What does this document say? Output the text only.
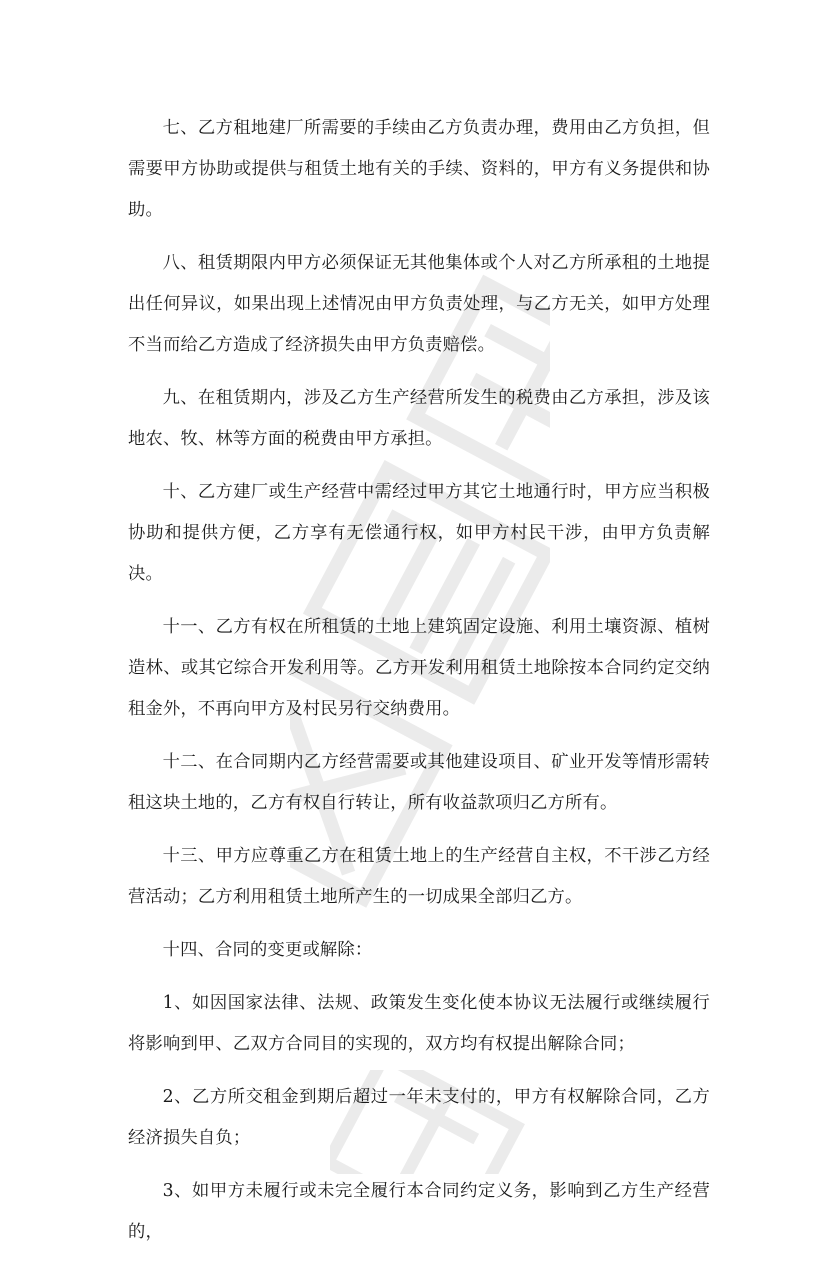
七、乙方租地建厂所需要的手续由乙方负责办理，费用由乙方负担，但需要甲方协助或提供与租赁土地有关的手续、资料的，甲方有义务提供和协助。

八、租赁期限内甲方必须保证无其他集体或个人对乙方所承租的土地提出任何异议，如果出现上述情况由甲方负责处理，与乙方无关，如甲方处理不当而给乙方造成了经济损失由甲方负责赔偿。

九、在租赁期内，涉及乙方生产经营所发生的税费由乙方承担，涉及该地农、牧、林等方面的税费由甲方承担。

十、乙方建厂或生产经营中需经过甲方其它土地通行时，甲方应当积极协助和提供方便，乙方享有无偿通行权，如甲方村民干涉，由甲方负责解决。

十一、乙方有权在所租赁的土地上建筑固定设施、利用土壤资源、植树造林、或其它综合开发利用等。乙方开发利用租赁土地除按本合同约定交纳租金外，不再向甲方及村民另行交纳费用。

十二、在合同期内乙方经营需要或其他建设项目、矿业开发等情形需转租这块土地的，乙方有权自行转让，所有收益款项归乙方所有。

十三、甲方应尊重乙方在租赁土地上的生产经营自主权，不干涉乙方经营活动；乙方利用租赁土地所产生的一切成果全部归乙方。

十四、合同的变更或解除：

1、如因国家法律、法规、政策发生变化使本协议无法履行或继续履行将影响到甲、乙双方合同目的实现的，双方均有权提出解除合同；

2、乙方所交租金到期后超过一年未支付的，甲方有权解除合同，乙方经济损失自负；

3、如甲方未履行或未完全履行本合同约定义务，影响到乙方生产经营的，
